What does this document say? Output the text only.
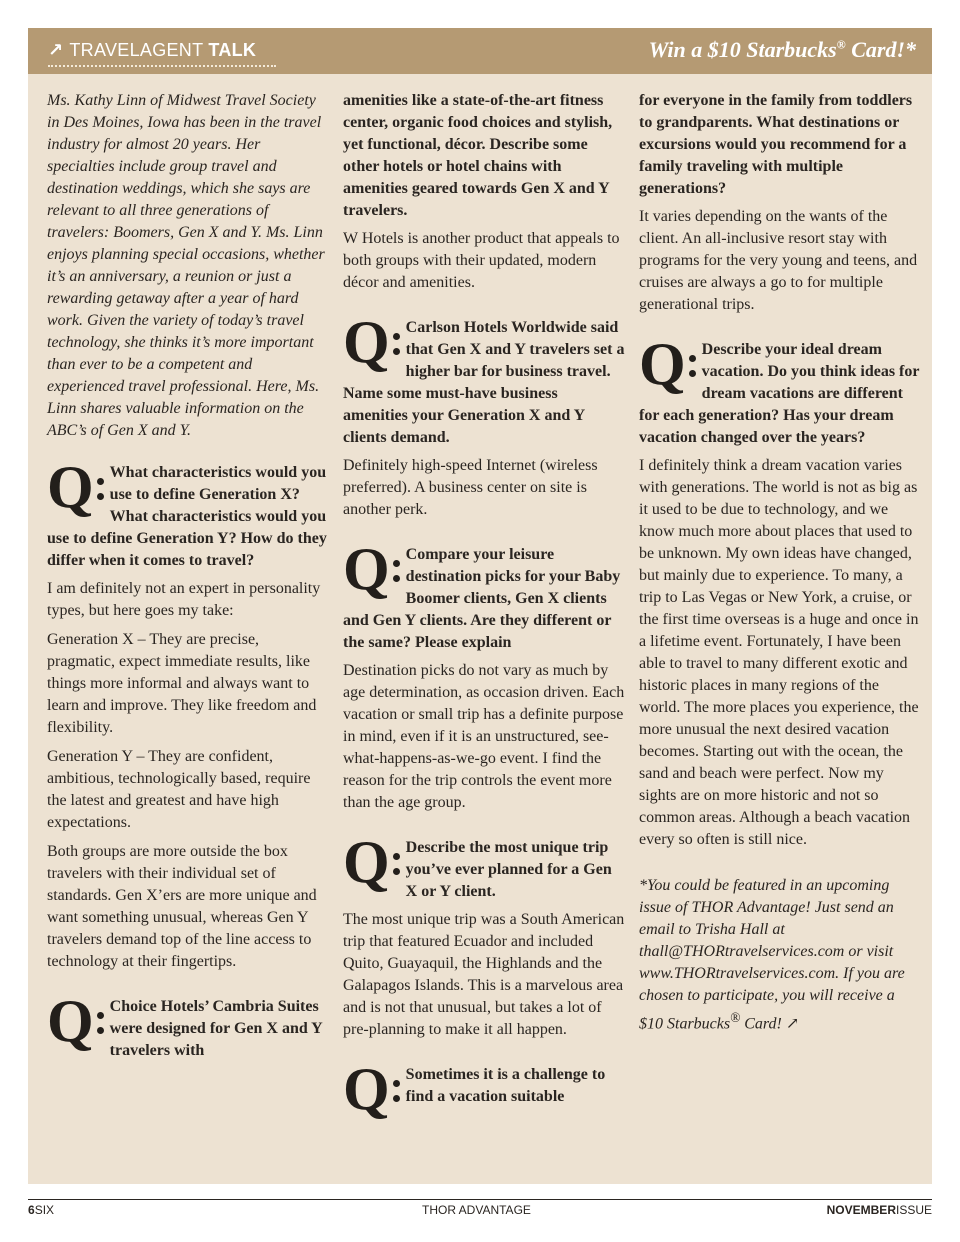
↗ TRAVELAGENT TALK	Win a $10 Starbucks® Card!*

Ms. Kathy Linn of Midwest Travel Society in Des Moines, Iowa has been in the travel industry for almost 20 years. Her specialties include group travel and destination weddings, which she says are relevant to all three generations of travelers: Boomers, Gen X and Y. Ms. Linn enjoys planning special occasions, whether it’s an anniversary, a reunion or just a rewarding getaway after a year of hard work. Given the variety of today’s travel technology, she thinks it’s more important than ever to be a competent and experienced travel professional. Here, Ms. Linn shares valuable information on the ABC’s of Gen X and Y.

Q	What characteristics would you use to define Generation X? What characteristics would you use to define Generation Y? How do they differ when it comes to travel?

I am definitely not an expert in personality types, but here goes my take:

Generation X – They are precise, pragmatic, expect immediate results, like things more informal and always want to learn and improve. They like freedom and flexibility.

Generation Y – They are confident, ambitious, technologically based, require the latest and greatest and have high expectations.

Both groups are more outside the box travelers with their individual set of standards. Gen X’ers are more unique and want something unusual, whereas Gen Y travelers demand top of the line access to technology at their fingertips.

Q	Choice Hotels’ Cambria Suites were designed for Gen X and Y travelers with

amenities like a state-of-the-art fitness center, organic food choices and stylish, yet functional, décor. Describe some other hotels or hotel chains with amenities geared towards Gen X and Y travelers.

W Hotels is another product that appeals to both groups with their updated, modern décor and amenities.

Q	Carlson Hotels Worldwide said that Gen X and Y travelers set a higher bar for business travel. Name some must-have business amenities your Generation X and Y clients demand.

Definitely high-speed Internet (wireless preferred). A business center on site is another perk.

Q	Compare your leisure destination picks for your Baby Boomer clients, Gen X clients and Gen Y clients. Are they different or the same? Please explain

Destination picks do not vary as much by age determination, as occasion driven. Each vacation or small trip has a definite purpose in mind, even if it is an unstructured, see-what-happens-as-we-go event. I find the reason for the trip controls the event more than the age group.

Q	Describe the most unique trip you’ve ever planned for a Gen X or Y client.

The most unique trip was a South American trip that featured Ecuador and included Quito, Guayaquil, the Highlands and the Galapagos Islands. This is a marvelous area and is not that unusual, but takes a lot of pre-planning to make it all happen.

Q	Sometimes it is a challenge to find a vacation suitable

for everyone in the family from toddlers to grandparents. What destinations or excursions would you recommend for a family traveling with multiple generations?

It varies depending on the wants of the client. An all-inclusive resort stay with programs for the very young and teens, and cruises are always a go to for multiple generational trips.

Q	Describe your ideal dream vacation. Do you think ideas for dream vacations are different for each generation? Has your dream vacation changed over the years?

I definitely think a dream vacation varies with generations. The world is not as big as it used to be due to technology, and we know much more about places that used to be unknown. My own ideas have changed, but mainly due to experience. To many, a trip to Las Vegas or New York, a cruise, or the first time overseas is a huge and once in a lifetime event. Fortunately, I have been able to travel to many different exotic and historic places in many regions of the world. The more places you experience, the more unusual the next desired vacation becomes. Starting out with the ocean, the sand and beach were perfect. Now my sights are on more historic and not so common areas. Although a beach vacation every so often is still nice.

*You could be featured in an upcoming issue of THOR Advantage! Just send an email to Trisha Hall at thall@THORtravelservices.com or visit www.THORtravelservices.com. If you are chosen to participate, you will receive a $10 Starbucks® Card! ↗

6SIX	THOR ADVANTAGE	NOVEMBERISSUE
